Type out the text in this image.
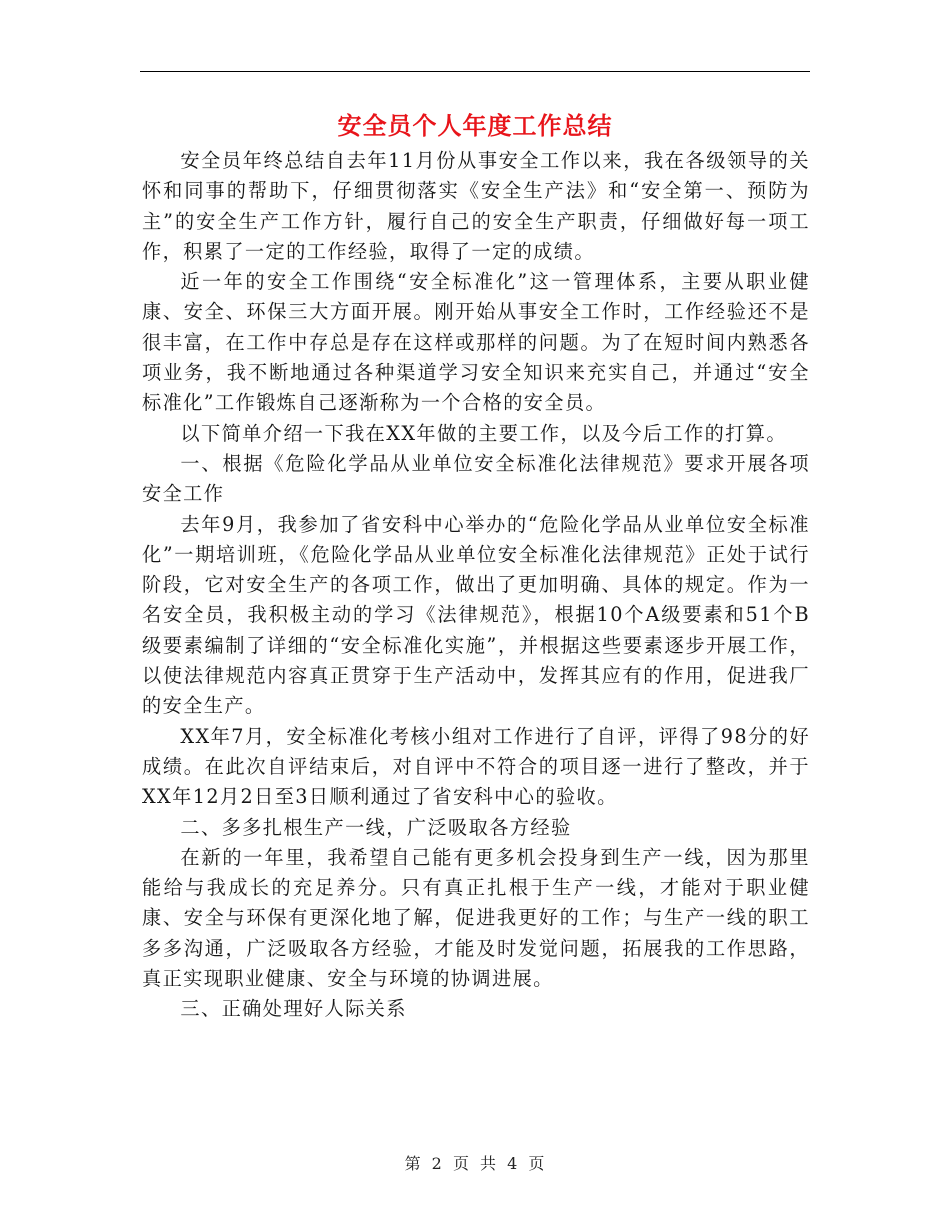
安全员个人年度工作总结

安全员年终总结自去年11月份从事安全工作以来，我在各级领导的关怀和同事的帮助下，仔细贯彻落实《安全生产法》和“安全第一、预防为主”的安全生产工作方针，履行自己的安全生产职责，仔细做好每一项工作，积累了一定的工作经验，取得了一定的成绩。

近一年的安全工作围绕“安全标准化”这一管理体系，主要从职业健康、安全、环保三大方面开展。刚开始从事安全工作时，工作经验还不是很丰富，在工作中存总是存在这样或那样的问题。为了在短时间内熟悉各项业务，我不断地通过各种渠道学习安全知识来充实自己，并通过“安全标准化”工作锻炼自己逐渐称为一个合格的安全员。

以下简单介绍一下我在XX年做的主要工作，以及今后工作的打算。

一、根据《危险化学品从业单位安全标准化法律规范》要求开展各项安全工作

去年9月，我参加了省安科中心举办的“危险化学品从业单位安全标准化”一期培训班，《危险化学品从业单位安全标准化法律规范》正处于试行阶段，它对安全生产的各项工作，做出了更加明确、具体的规定。作为一名安全员，我积极主动的学习《法律规范》，根据10个A级要素和51个B级要素编制了详细的“安全标准化实施”，并根据这些要素逐步开展工作，以使法律规范内容真正贯穿于生产活动中，发挥其应有的作用，促进我厂的安全生产。

XX年7月，安全标准化考核小组对工作进行了自评，评得了98分的好成绩。在此次自评结束后，对自评中不符合的项目逐一进行了整改，并于XX年12月2日至3日顺利通过了省安科中心的验收。

二、多多扎根生产一线，广泛吸取各方经验

在新的一年里，我希望自己能有更多机会投身到生产一线，因为那里能给与我成长的充足养分。只有真正扎根于生产一线，才能对于职业健康、安全与环保有更深化地了解，促进我更好的工作；与生产一线的职工多多沟通，广泛吸取各方经验，才能及时发觉问题，拓展我的工作思路，真正实现职业健康、安全与环境的协调进展。

三、正确处理好人际关系

第 2 页 共 4 页
